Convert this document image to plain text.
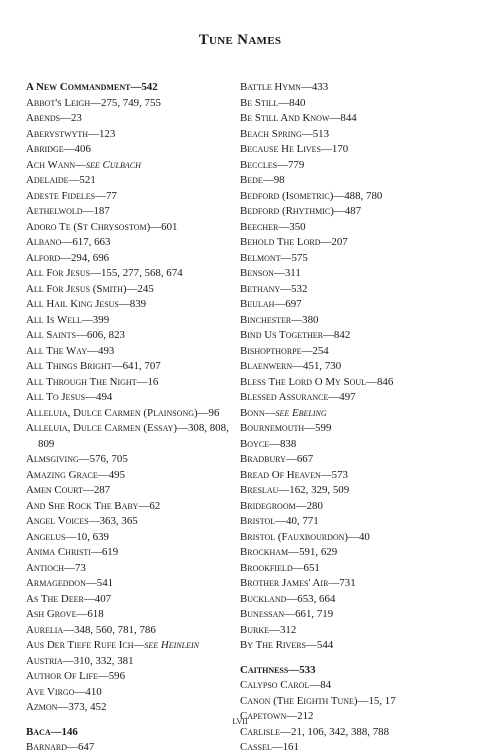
Tune Names
A New Commandment—542
Abbot's Leigh—275, 749, 755
Abends—23
Aberystwyth—123
Abridge—406
Ach Wann—see Culbach
Adelaide—521
Adeste Fideles—77
Aethelwold—187
Adoro Te (St Chrysostom)—601
Albano—617, 663
Alford—294, 696
All For Jesus—155, 277, 568, 674
All For Jesus (Smith)—245
All Hail King Jesus—839
All Is Well—399
All Saints—606, 823
All The Way—493
All Things Bright—641, 707
All Through The Night—16
All To Jesus—494
Alleluia, Dulce Carmen (Plainsong)—96
Alleluia, Dulce Carmen (Essay)—308, 808, 809
Almsgiving—576, 705
Amazing Grace—495
Amen Court—287
And She Rock The Baby—62
Angel Voices—363, 365
Angelus—10, 639
Anima Christi—619
Antioch—73
Armageddon—541
As The Deer—407
Ash Grove—618
Aurelia—348, 560, 781, 786
Aus Der Tiefe Rufe Ich—see Heinlein
Austria—310, 332, 381
Author Of Life—596
Ave Virgo—410
Azmon—373, 452
Baca—146
Barnard—647
Battle Hymn—433
Be Still—840
Be Still And Know—844
Beach Spring—513
Because He Lives—170
Beccles—779
Bede—98
Bedford (Isometric)—488, 780
Bedford (Rhythmic)—487
Beecher—350
Behold The Lord—207
Belmont—575
Benson—311
Bethany—532
Beulah—697
Binchester—380
Bind Us Together—842
Bishopthorpe—254
Blaenwern—451, 730
Bless The Lord O My Soul—846
Blessed Assurance—497
Bonn—see Ebeling
Bournemouth—599
Boyce—838
Bradbury—667
Bread Of Heaven—573
Breslau—162, 329, 509
Bridegroom—280
Bristol—40, 771
Bristol (Fauxbourdon)—40
Brockham—591, 629
Brookfield—651
Brother James' Air—731
Buckland—653, 664
Bunessan—661, 719
Burke—312
By The Rivers—544
Caithness—533
Calypso Carol—84
Canon (The Eighth Tune)—15, 17
Capetown—212
Carlisle—21, 106, 342, 388, 788
Cassel—161
lvii
